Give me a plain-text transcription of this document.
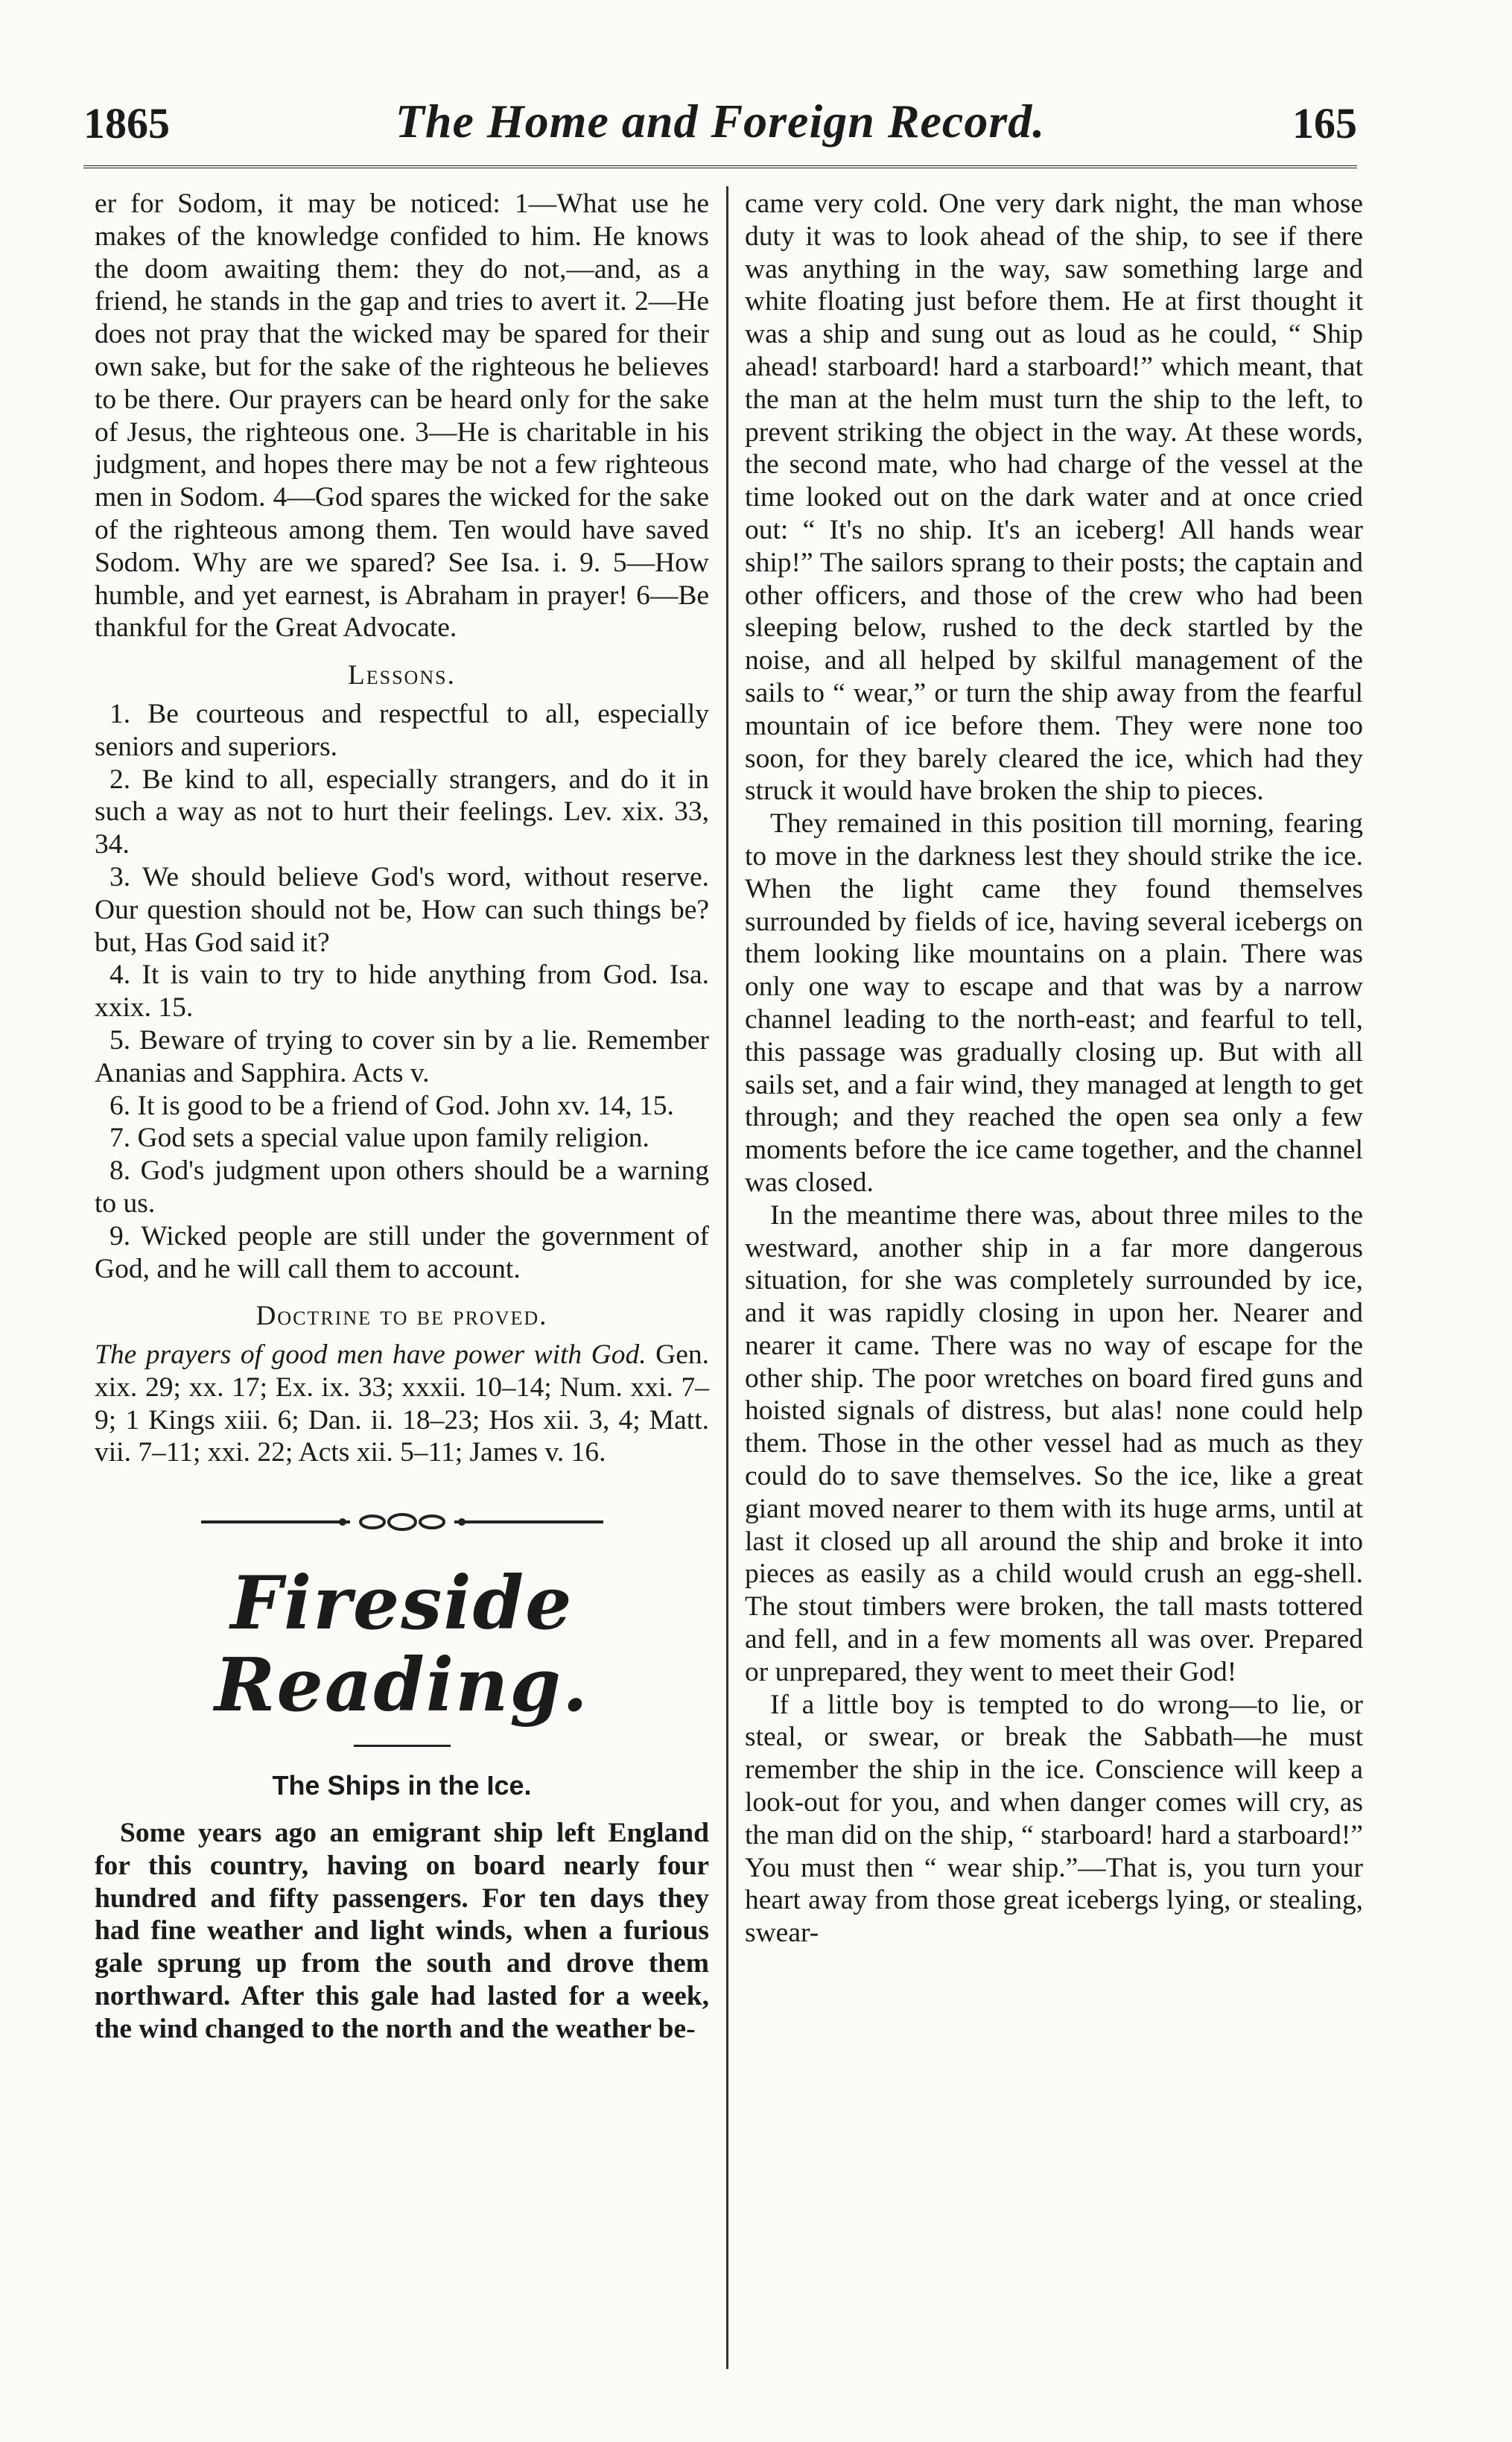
1865	The Home and Foreign Record.	165

er for Sodom, it may be noticed: 1—What use he makes of the knowledge confided to him. He knows the doom awaiting them: they do not,—and, as a friend, he stands in the gap and tries to avert it. 2—He does not pray that the wicked may be spared for their own sake, but for the sake of the righteous he believes to be there. Our prayers can be heard only for the sake of Jesus, the righteous one. 3—He is charitable in his judgment, and hopes there may be not a few righteous men in Sodom. 4—God spares the wicked for the sake of the righteous among them. Ten would have saved Sodom. Why are we spared? See Isa. i. 9. 5—How humble, and yet earnest, is Abraham in prayer! 6—Be thankful for the Great Advocate.

Lessons.
1. Be courteous and respectful to all, especially seniors and superiors.
2. Be kind to all, especially strangers, and do it in such a way as not to hurt their feelings. Lev. xix. 33, 34.
3. We should believe God's word, without reserve. Our question should not be, How can such things be? but, Has God said it?
4. It is vain to try to hide anything from God. Isa. xxix. 15.
5. Beware of trying to cover sin by a lie. Remember Ananias and Sapphira. Acts v.
6. It is good to be a friend of God. John xv. 14, 15.
7. God sets a special value upon family religion.
8. God's judgment upon others should be a warning to us.
9. Wicked people are still under the government of God, and he will call them to account.
Doctrine to be proved.

The prayers of good men have power with God. Gen. xix. 29; xx. 17; Ex. ix. 33; xxxii. 10–14; Num. xxi. 7–9; 1 Kings xiii. 6; Dan. ii. 18–23; Hos xii. 3, 4; Matt. vii. 7–11; xxi. 22; Acts xii. 5–11; James v. 16.

Fireside Reading.
The Ships in the Ice.

Some years ago an emigrant ship left England for this country, having on board nearly four hundred and fifty passengers. For ten days they had fine weather and light winds, when a furious gale sprung up from the south and drove them northward. After this gale had lasted for a week, the wind changed to the north and the weather be-

came very cold. One very dark night, the man whose duty it was to look ahead of the ship, to see if there was anything in the way, saw something large and white floating just before them. He at first thought it was a ship and sung out as loud as he could, “ Ship ahead! starboard! hard a starboard!” which meant, that the man at the helm must turn the ship to the left, to prevent striking the object in the way. At these words, the second mate, who had charge of the vessel at the time looked out on the dark water and at once cried out: “ It's no ship. It's an iceberg! All hands wear ship!” The sailors sprang to their posts; the captain and other officers, and those of the crew who had been sleeping below, rushed to the deck startled by the noise, and all helped by skilful management of the sails to “ wear,” or turn the ship away from the fearful mountain of ice before them. They were none too soon, for they barely cleared the ice, which had they struck it would have broken the ship to pieces.

They remained in this position till morning, fearing to move in the darkness lest they should strike the ice. When the light came they found themselves surrounded by fields of ice, having several icebergs on them looking like mountains on a plain. There was only one way to escape and that was by a narrow channel leading to the north-east; and fearful to tell, this passage was gradually closing up. But with all sails set, and a fair wind, they managed at length to get through; and they reached the open sea only a few moments before the ice came together, and the channel was closed.

In the meantime there was, about three miles to the westward, another ship in a far more dangerous situation, for she was completely surrounded by ice, and it was rapidly closing in upon her. Nearer and nearer it came. There was no way of escape for the other ship. The poor wretches on board fired guns and hoisted signals of distress, but alas! none could help them. Those in the other vessel had as much as they could do to save themselves. So the ice, like a great giant moved nearer to them with its huge arms, until at last it closed up all around the ship and broke it into pieces as easily as a child would crush an egg-shell. The stout timbers were broken, the tall masts tottered and fell, and in a few moments all was over. Prepared or unprepared, they went to meet their God!

If a little boy is tempted to do wrong—to lie, or steal, or swear, or break the Sabbath—he must remember the ship in the ice. Conscience will keep a look-out for you, and when danger comes will cry, as the man did on the ship, “ starboard! hard a starboard!” You must then “ wear ship.”—That is, you turn your heart away from those great icebergs lying, or stealing, swear-
